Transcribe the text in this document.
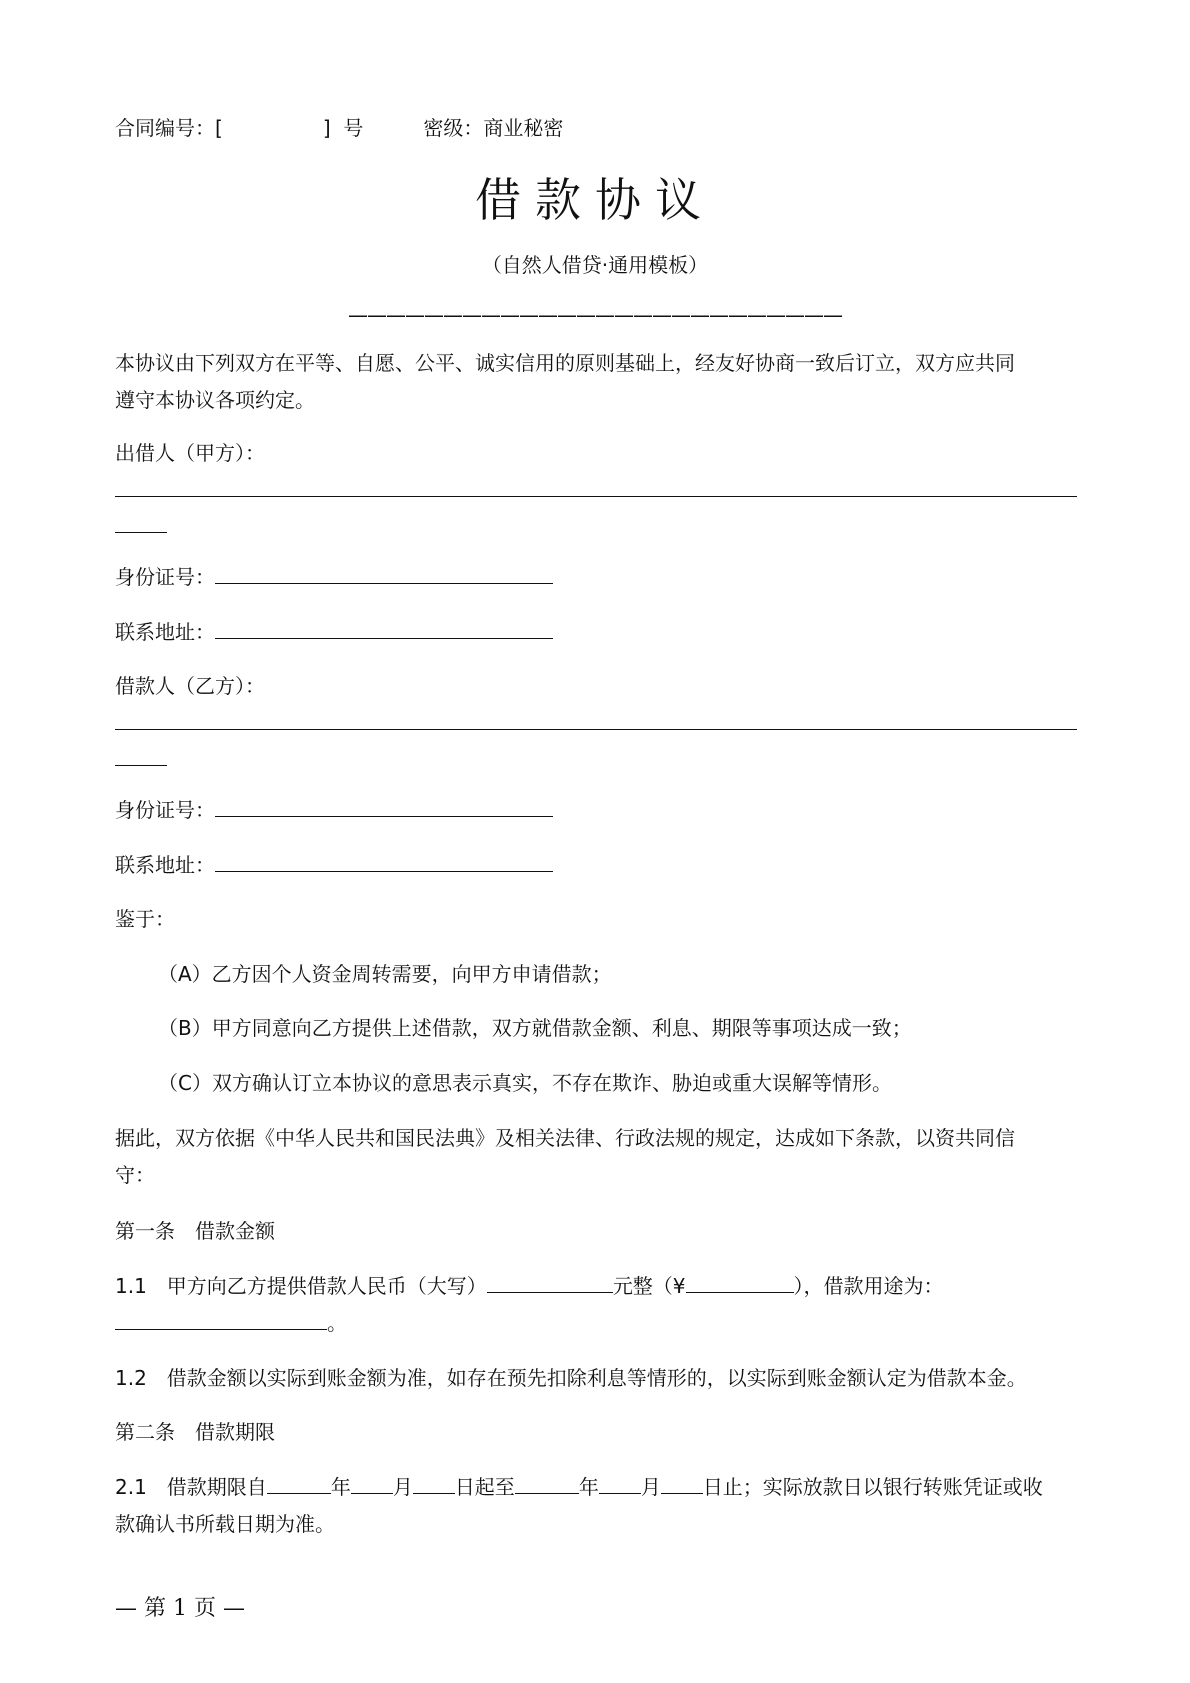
合同编号：[	] 号	密级：商业秘密
借款协议
（自然人借贷·通用模板）
——————————————————————————
本协议由下列双方在平等、自愿、公平、诚实信用的原则基础上，经友好协商一致后订立，双方应共同
遵守本协议各项约定。
出借人（甲方）：
身份证号：
联系地址：
借款人（乙方）：
身份证号：
联系地址：
鉴于：
（A）乙方因个人资金周转需要，向甲方申请借款；
（B）甲方同意向乙方提供上述借款，双方就借款金额、利息、期限等事项达成一致；
（C）双方确认订立本协议的意思表示真实，不存在欺诈、胁迫或重大误解等情形。
据此，双方依据《中华人民共和国民法典》及相关法律、行政法规的规定，达成如下条款，以资共同信
守：
第一条　借款金额
1.1　甲方向乙方提供借款人民币（大写）	元整（¥	），借款用途为：
。
1.2　借款金额以实际到账金额为准，如存在预先扣除利息等情形的，以实际到账金额认定为借款本金。
第二条　借款期限
2.1　借款期限自	年 月 日起至	年 月 日止；实际放款日以银行转账凭证或收
款确认书所载日期为准。
— 第 1 页 —
